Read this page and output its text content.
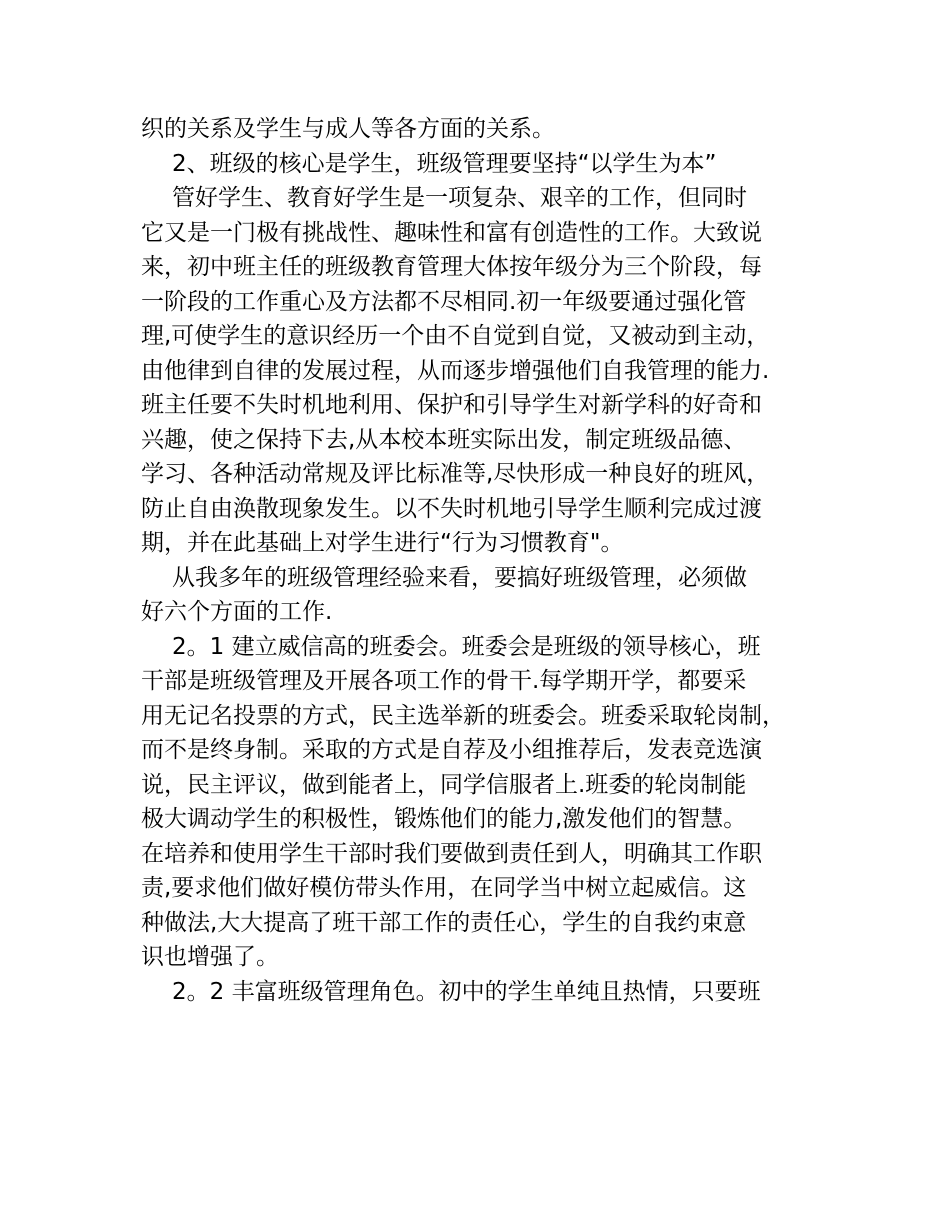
织的关系及学生与成人等各方面的关系。
2、班级的核心是学生，班级管理要坚持“以学生为本”
管好学生、教育好学生是一项复杂、艰辛的工作，但同时
它又是一门极有挑战性、趣味性和富有创造性的工作。大致说
来，初中班主任的班级教育管理大体按年级分为三个阶段，每
一阶段的工作重心及方法都不尽相同.初一年级要通过强化管
理,可使学生的意识经历一个由不自觉到自觉，又被动到主动，
由他律到自律的发展过程，从而逐步增强他们自我管理的能力.
班主任要不失时机地利用、保护和引导学生对新学科的好奇和
兴趣，使之保持下去,从本校本班实际出发，制定班级品德、
学习、各种活动常规及评比标准等,尽快形成一种良好的班风，
防止自由涣散现象发生。以不失时机地引导学生顺利完成过渡
期，并在此基础上对学生进行“行为习惯教育"。
从我多年的班级管理经验来看，要搞好班级管理，必须做
好六个方面的工作.
2。1 建立威信高的班委会。班委会是班级的领导核心，班
干部是班级管理及开展各项工作的骨干.每学期开学，都要采
用无记名投票的方式，民主选举新的班委会。班委采取轮岗制，
而不是终身制。采取的方式是自荐及小组推荐后，发表竞选演
说，民主评议，做到能者上，同学信服者上.班委的轮岗制能
极大调动学生的积极性，锻炼他们的能力,激发他们的智慧。
在培养和使用学生干部时我们要做到责任到人，明确其工作职
责,要求他们做好模仿带头作用，在同学当中树立起威信。这
种做法,大大提高了班干部工作的责任心，学生的自我约束意
识也增强了。
2。2 丰富班级管理角色。初中的学生单纯且热情，只要班
